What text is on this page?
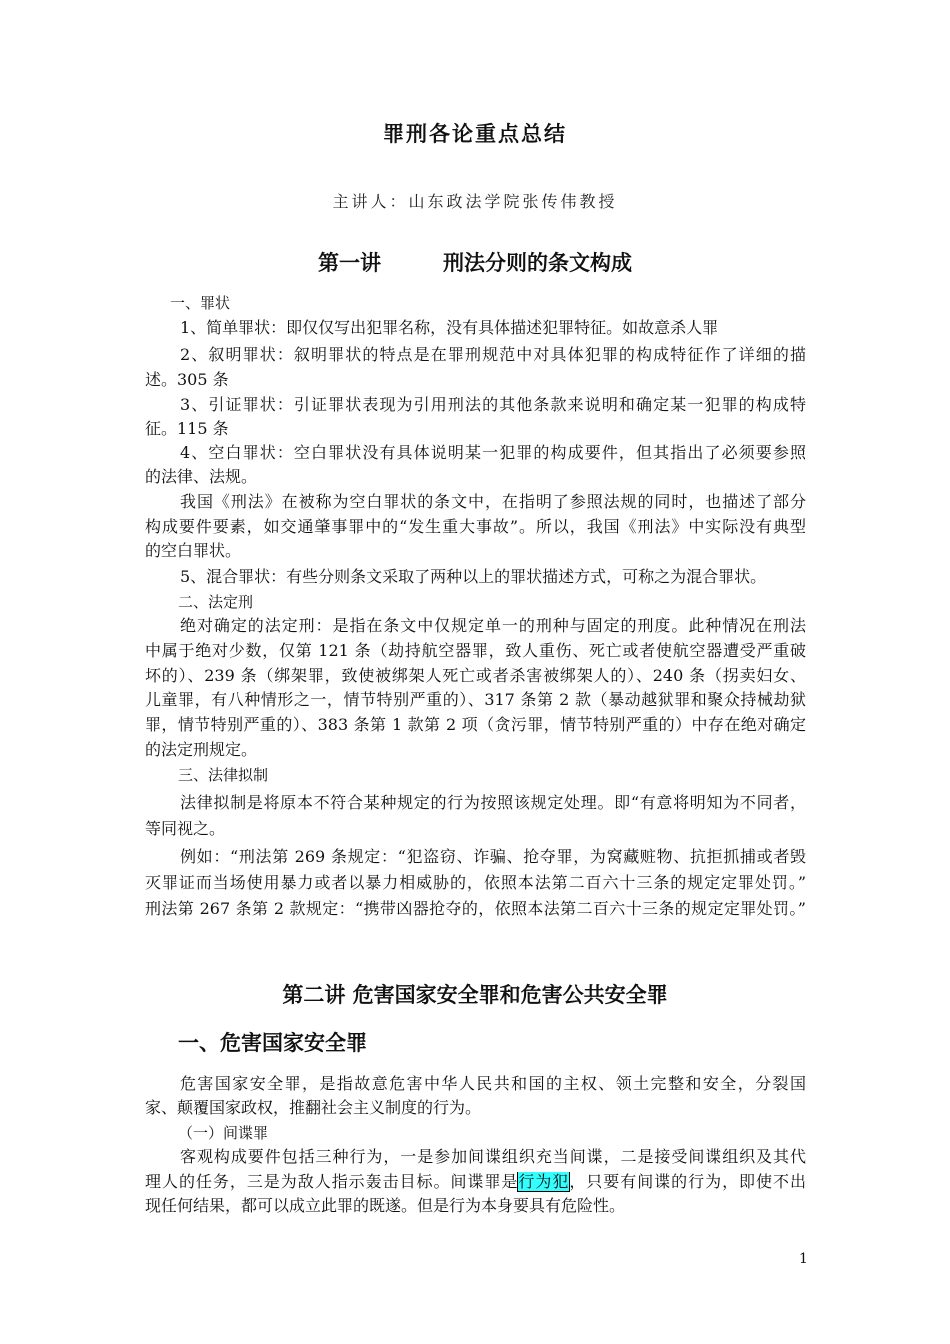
罪刑各论重点总结
主讲人：山东政法学院张传伟教授
第一讲	刑法分则的条文构成
一、罪状
1、简单罪状：即仅仅写出犯罪名称，没有具体描述犯罪特征。如故意杀人罪
2、叙明罪状：叙明罪状的特点是在罪刑规范中对具体犯罪的构成特征作了详细的描
述。305 条
3、引证罪状：引证罪状表现为引用刑法的其他条款来说明和确定某一犯罪的构成特
征。115 条
4、空白罪状：空白罪状没有具体说明某一犯罪的构成要件，但其指出了必须要参照
的法律、法规。
我国《刑法》在被称为空白罪状的条文中，在指明了参照法规的同时，也描述了部分
构成要件要素，如交通肇事罪中的“发生重大事故”。所以，我国《刑法》中实际没有典型
的空白罪状。
5、混合罪状：有些分则条文采取了两种以上的罪状描述方式，可称之为混合罪状。
二、法定刑
绝对确定的法定刑：是指在条文中仅规定单一的刑种与固定的刑度。此种情况在刑法
中属于绝对少数，仅第 121 条（劫持航空器罪，致人重伤、死亡或者使航空器遭受严重破
坏的）、239 条（绑架罪，致使被绑架人死亡或者杀害被绑架人的）、240 条（拐卖妇女、
儿童罪，有八种情形之一，情节特别严重的）、317 条第 2 款（暴动越狱罪和聚众持械劫狱
罪，情节特别严重的）、383 条第 1 款第 2 项（贪污罪，情节特别严重的）中存在绝对确定
的法定刑规定。
三、法律拟制
法律拟制是将原本不符合某种规定的行为按照该规定处理。即“有意将明知为不同者，
等同视之。
例如：“刑法第 269 条规定：“犯盗窃、诈骗、抢夺罪，为窝藏赃物、抗拒抓捕或者毁
灭罪证而当场使用暴力或者以暴力相威胁的，依照本法第二百六十三条的规定定罪处罚。”
刑法第 267 条第 2 款规定：“携带凶器抢夺的，依照本法第二百六十三条的规定定罪处罚。”
第二讲 危害国家安全罪和危害公共安全罪
一、危害国家安全罪
危害国家安全罪，是指故意危害中华人民共和国的主权、领土完整和安全，分裂国
家、颠覆国家政权，推翻社会主义制度的行为。
（一）间谍罪
客观构成要件包括三种行为，一是参加间谍组织充当间谍，二是接受间谍组织及其代
理人的任务，三是为敌人指示轰击目标。间谍罪是行为犯，只要有间谍的行为，即使不出
现任何结果，都可以成立此罪的既遂。但是行为本身要具有危险性。
1
